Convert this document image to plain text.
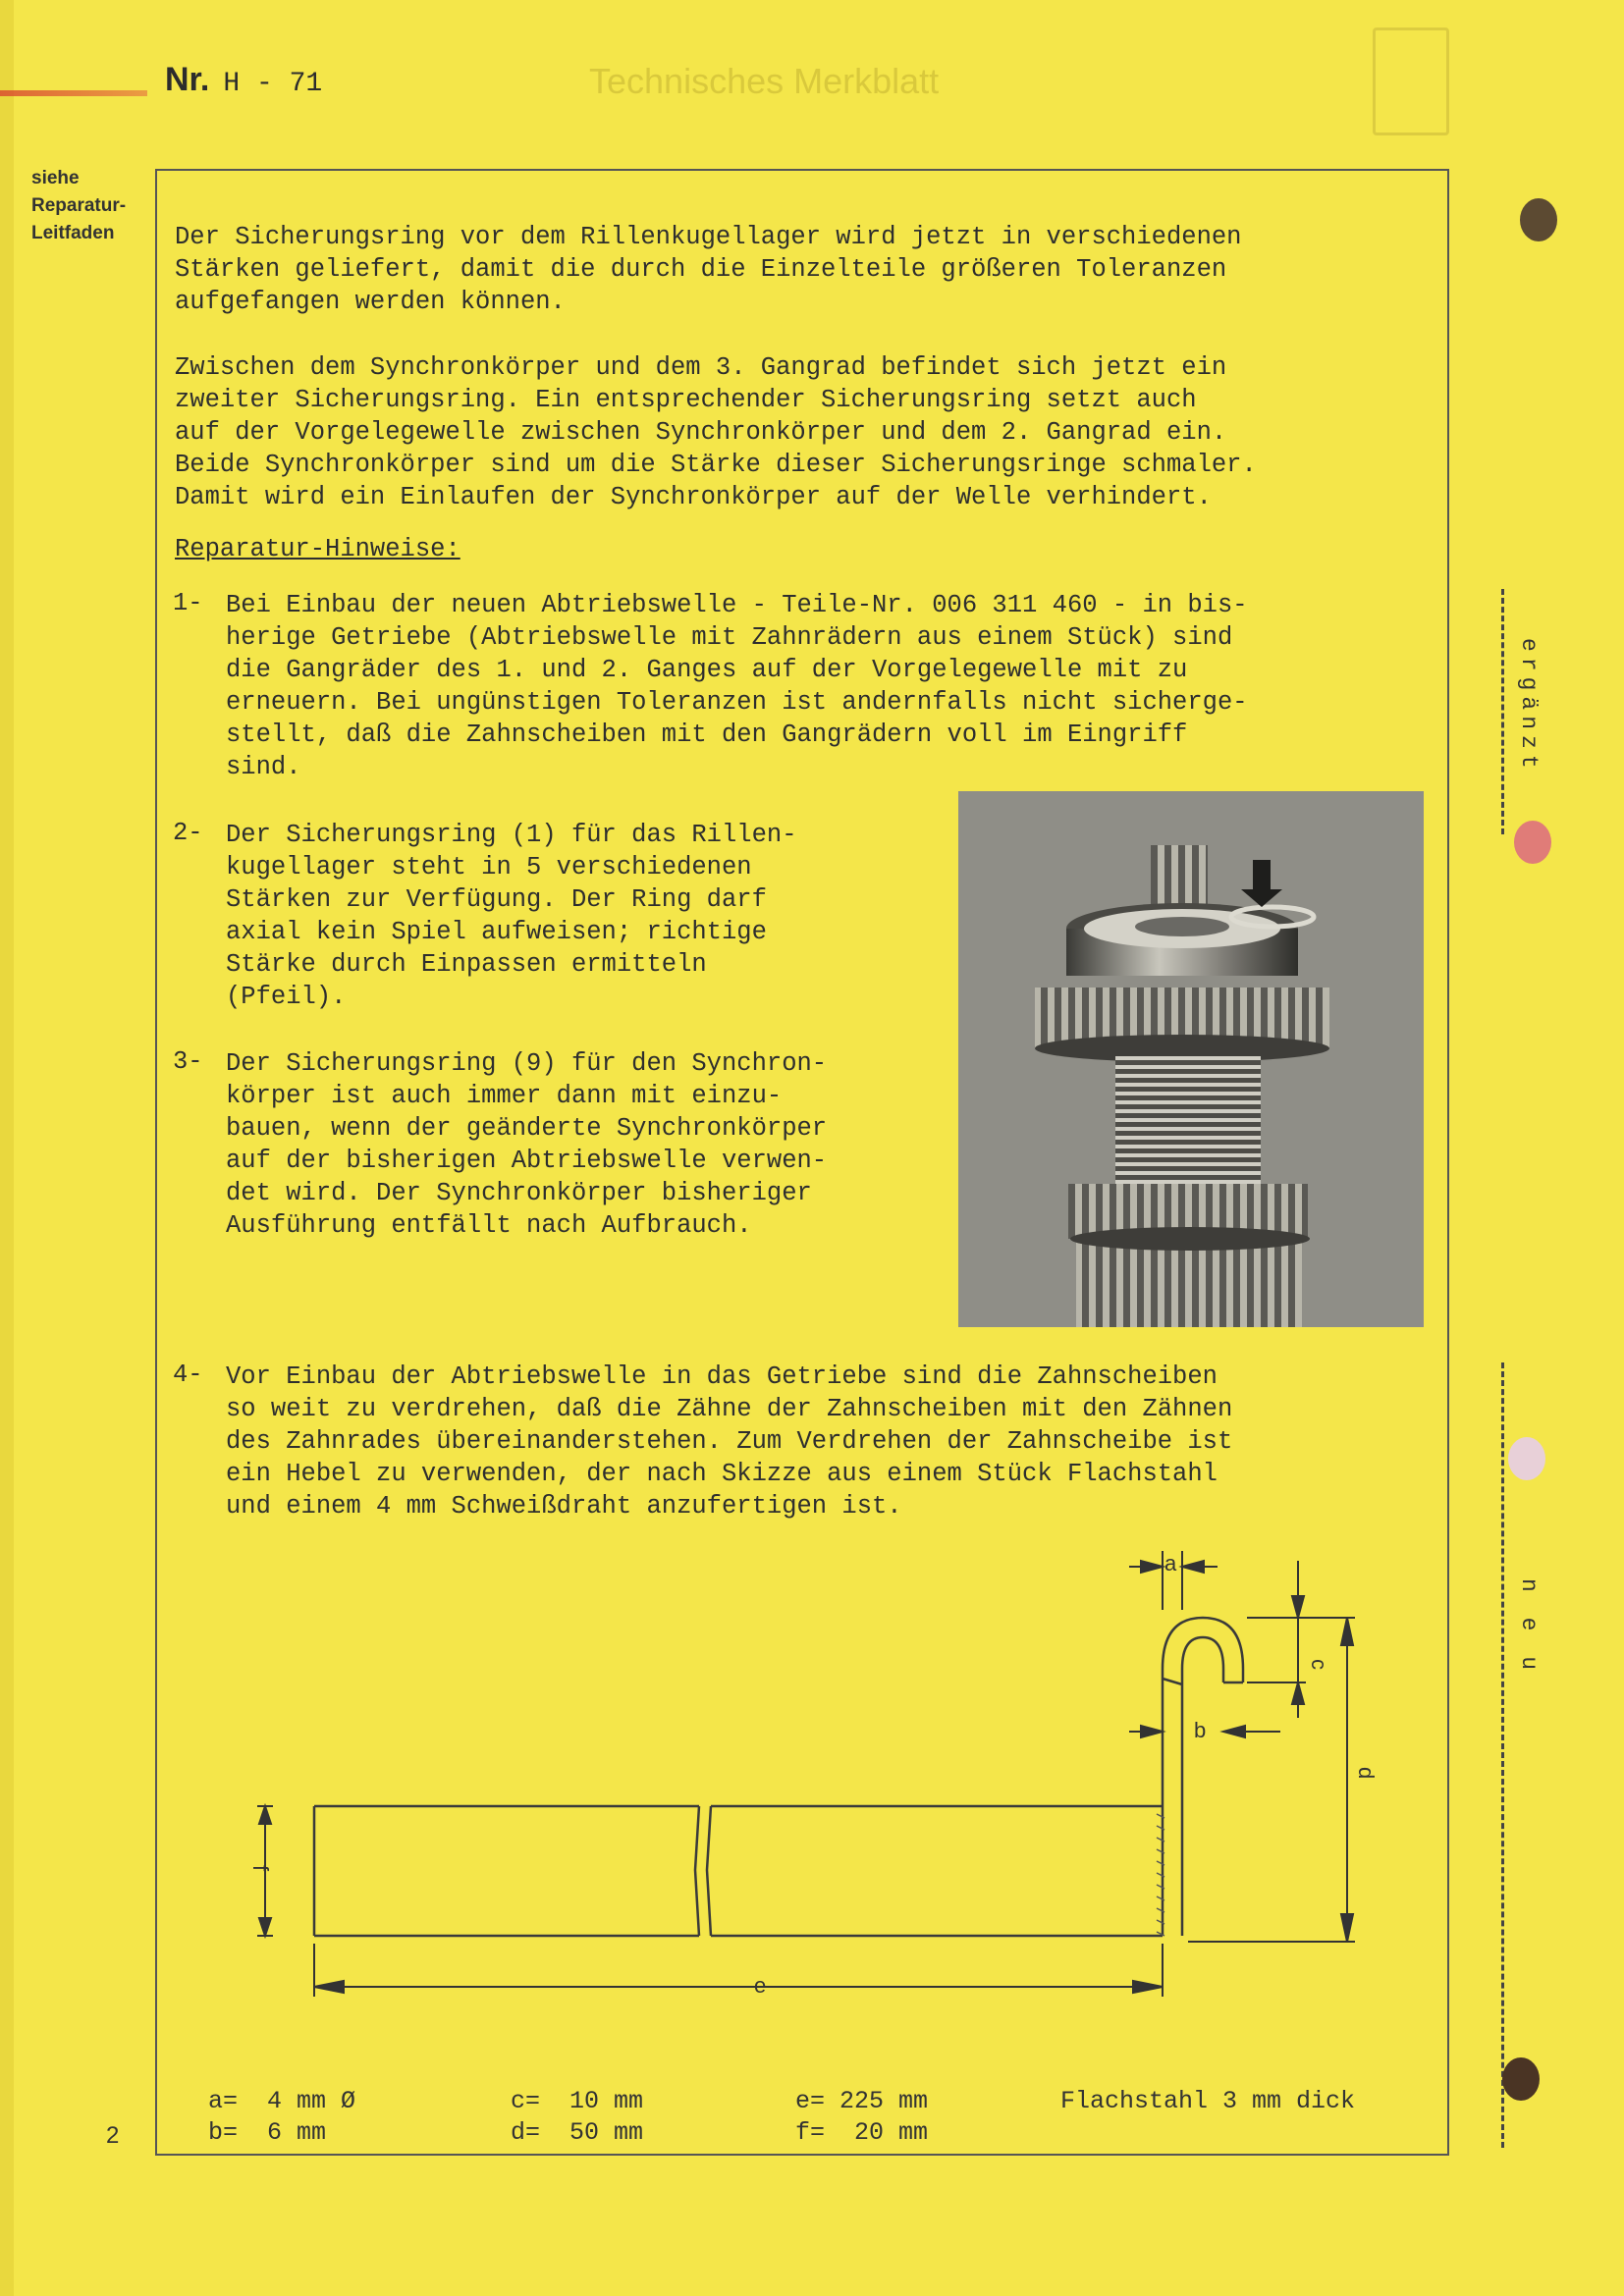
Technisches Merkblatt
Nr. H - 71
siehe
Reparatur-
Leitfaden	Der Sicherungsring vor dem Rillenkugellager wird jetzt in verschiedenen
Stärken geliefert, damit die durch die Einzelteile größeren Toleranzen
aufgefangen werden können.
Zwischen dem Synchronkörper und dem 3. Gangrad befindet sich jetzt ein
zweiter Sicherungsring. Ein entsprechender Sicherungsring setzt auch
auf der Vorgelegewelle zwischen Synchronkörper und dem 2. Gangrad ein.
Beide Synchronkörper sind um die Stärke dieser Sicherungsringe schmaler.
Damit wird ein Einlaufen der Synchronkörper auf der Welle verhindert.
Reparatur-Hinweise:
1- Bei Einbau der neuen Abtriebswelle - Teile-Nr. 006 311 460 - in bis-
herige Getriebe (Abtriebswelle mit Zahnrädern aus einem Stück) sind
die Gangräder des 1. und 2. Ganges auf der Vorgelegewelle mit zu
erneuern. Bei ungünstigen Toleranzen ist andernfalls nicht sicherge-
stellt, daß die Zahnscheiben mit den Gangrädern voll im Eingriff
sind.
2- Der Sicherungsring (1) für das Rillen-
kugellager steht in 5 verschiedenen
Stärken zur Verfügung. Der Ring darf
axial kein Spiel aufweisen; richtige
Stärke durch Einpassen ermitteln
(Pfeil).
3- Der Sicherungsring (9) für den Synchron-
körper ist auch immer dann mit einzu-
bauen, wenn der geänderte Synchronkörper
auf der bisherigen Abtriebswelle verwen-
det wird. Der Synchronkörper bisheriger
Ausführung entfällt nach Aufbrauch.
4- Vor Einbau der Abtriebswelle in das Getriebe sind die Zahnscheiben
so weit zu verdrehen, daß die Zähne der Zahnscheiben mit den Zähnen
des Zahnrades übereinanderstehen. Zum Verdrehen der Zahnscheibe ist
ein Hebel zu verwenden, der nach Skizze aus einem Stück Flachstahl
und einem 4 mm Schweißdraht anzufertigen ist.
ergänzt
n e u
a
b
c
d
e
f
a=  4 mm Ø
b=  6 mm
c=  10 mm
d=  50 mm
e= 225 mm
f=  20 mm
Flachstahl 3 mm dick
2
